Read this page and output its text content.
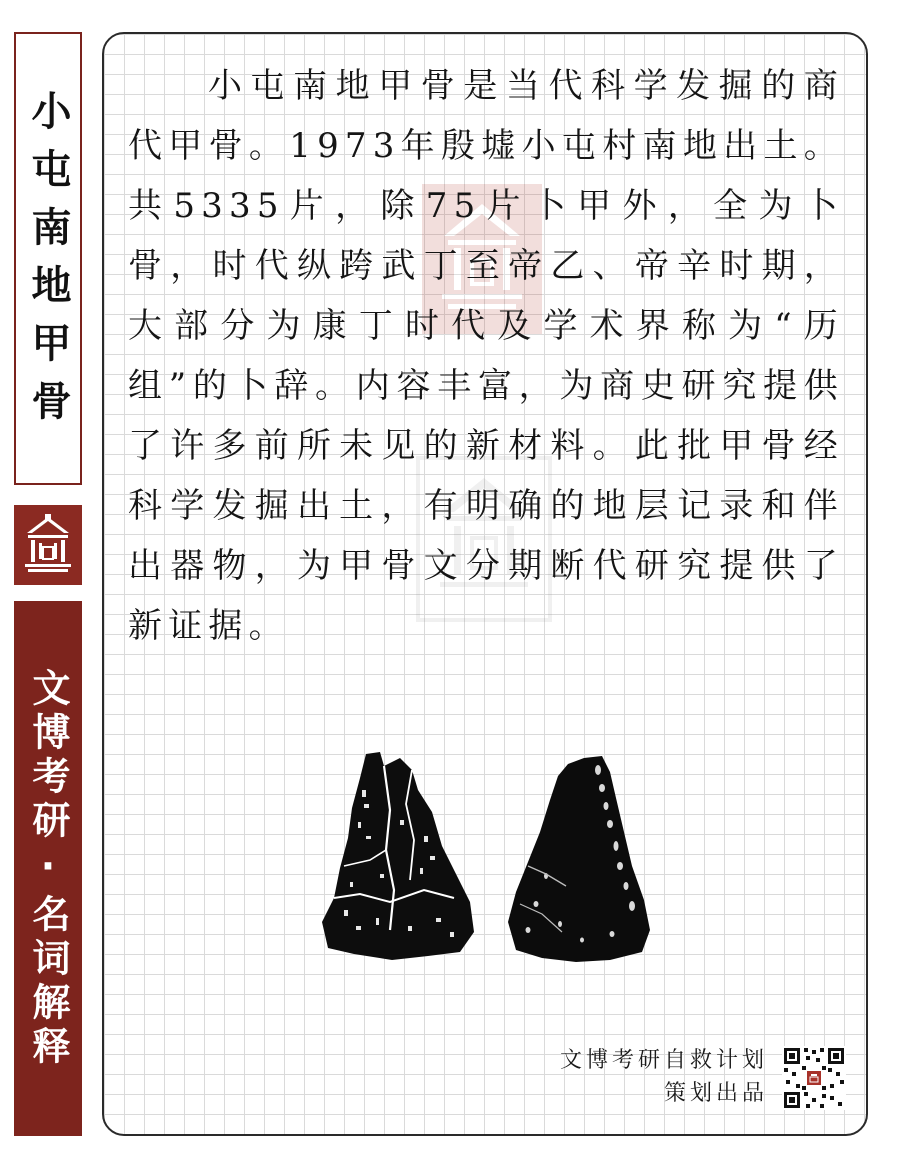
小屯南地甲骨
文博考研·名词解释

小屯南地甲骨是当代科学发掘的商代甲骨。1973年殷墟小屯村南地出土。共5335片，除75片卜甲外，全为卜骨，时代纵跨武丁至帝乙、帝辛时期，大部分为康丁时代及学术界称为“历组”的卜辞。内容丰富，为商史研究提供了许多前所未见的新材料。此批甲骨经科学发掘出土，有明确的地层记录和伴出器物，为甲骨文分期断代研究提供了新证据。

文博考研自救计划
策划出品
